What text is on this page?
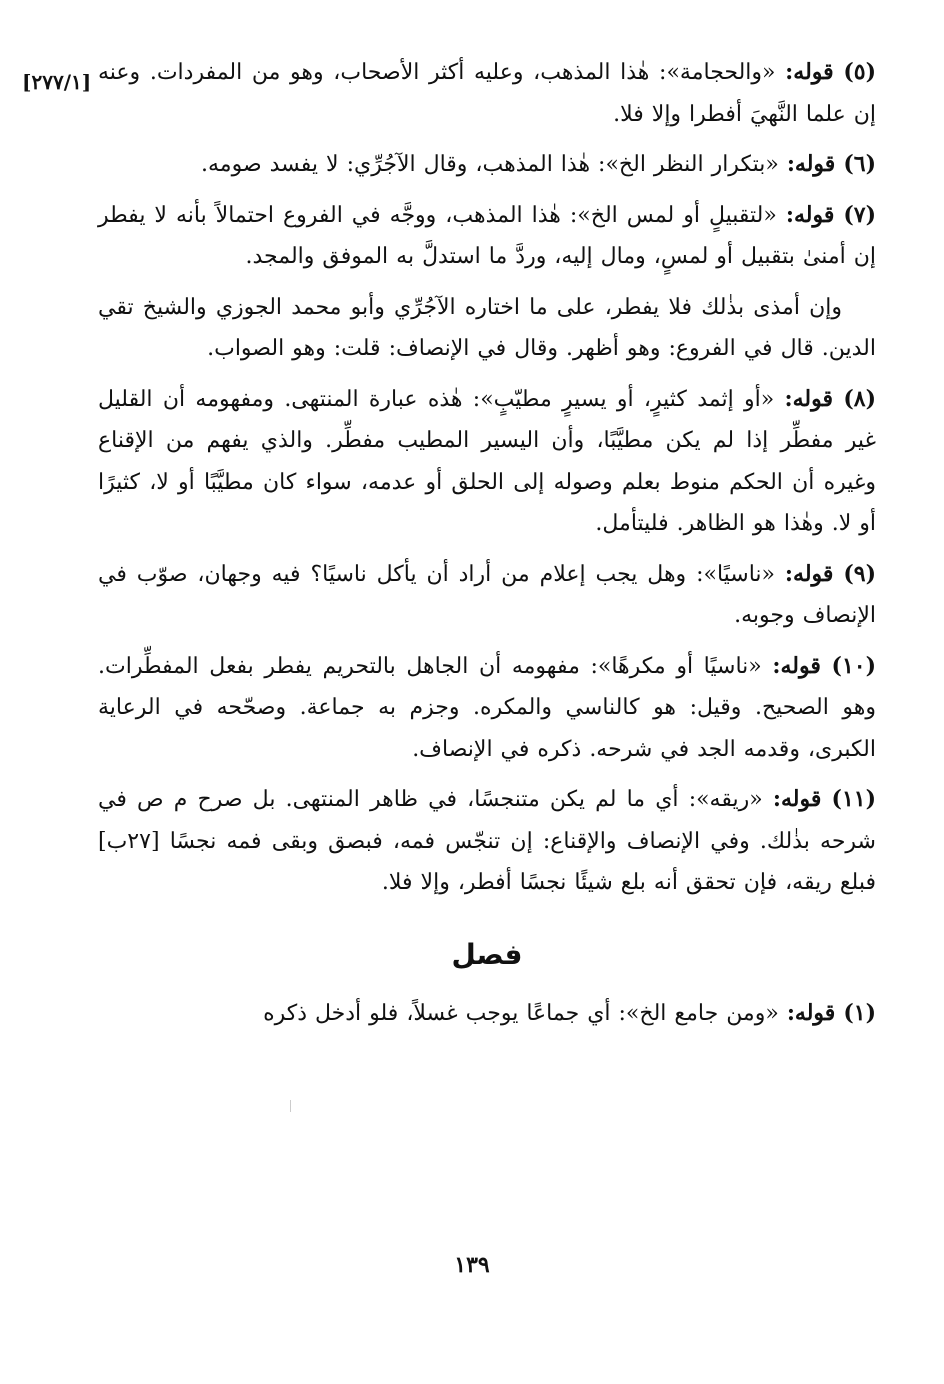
[٢٧٧/١]	(٥) قوله: «والحجامة»: هٰذا المذهب، وعليه أكثر الأصحاب، وهو من المفردات. وعنه إن علما النَّهيَ أفطرا وإلا فلا.

(٦) قوله: «بتكرار النظر الخ»: هٰذا المذهب، وقال الآجُرِّي: لا يفسد صومه.

(٧) قوله: «لتقبيلٍ أو لمس الخ»: هٰذا المذهب، ووجَّه في الفروع احتمالاً بأنه لا يفطر إن أمنىٰ بتقبيل أو لمسٍ، ومال إليه، وردَّ ما استدلَّ به الموفق والمجد.

وإن أمذى بذٰلك فلا يفطر، على ما اختاره الآجُرِّي وأبو محمد الجوزي والشيخ تقي الدين. قال في الفروع: وهو أظهر. وقال في الإنصاف: قلت: وهو الصواب.

(٨) قوله: «أو إثمد كثيرٍ، أو يسيرٍ مطيّبٍ»: هٰذه عبارة المنتهى. ومفهومه أن القليل غير مفطِّر إذا لم يكن مطيَّبًا، وأن اليسير المطيب مفطِّر. والذي يفهم من الإقناع وغيره أن الحكم منوط بعلم وصوله إلى الحلق أو عدمه، سواء كان مطيَّبًا أو لا، كثيرًا أو لا. وهٰذا هو الظاهر. فليتأمل.

(٩) قوله: «ناسيًا»: وهل يجب إعلام من أراد أن يأكل ناسيًا؟ فيه وجهان، صوّب في الإنصاف وجوبه.

(١٠) قوله: «ناسيًا أو مكرهًا»: مفهومه أن الجاهل بالتحريم يفطر بفعل المفطِّرات. وهو الصحيح. وقيل: هو كالناسي والمكره. وجزم به جماعة. وصحّحه في الرعاية الكبرى، وقدمه الجد في شرحه. ذكره في الإنصاف.

(١١) قوله: «ريقه»: أي ما لم يكن متنجسًا، في ظاهر المنتهى. بل صرح م ص في شرحه بذٰلك. وفي الإنصاف والإقناع: إن تنجّس فمه، فبصق وبقى فمه نجسًا [٢٧ب] فبلع ريقه، فإن تحقق أنه بلع شيئًا نجسًا أفطر، وإلا فلا.

فصل

(١) قوله: «ومن جامع الخ»: أي جماعًا يوجب غسلاً، فلو أدخل ذكره

١٣٩
